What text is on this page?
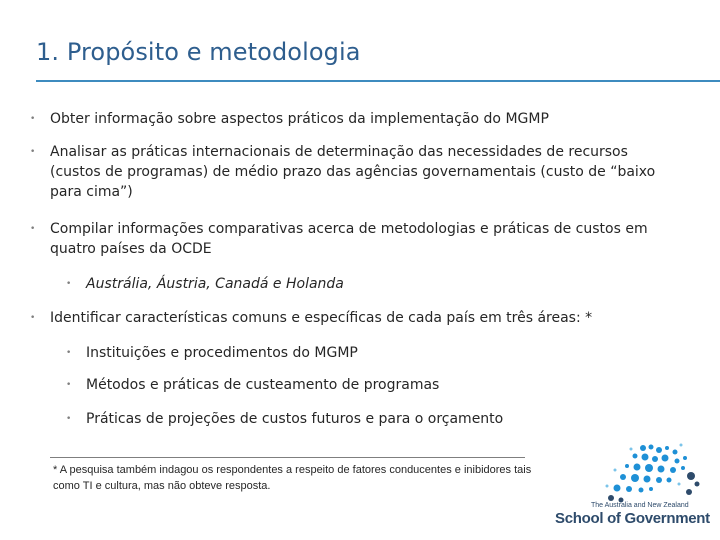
1. Propósito e metodologia
• Obter informação sobre aspectos práticos da implementação do MGMP
• Analisar as práticas internacionais de determinação das necessidades de recursos (custos de programas) de médio prazo das agências governamentais (custo de “baixo para cima”)
• Compilar informações comparativas acerca de metodologias e práticas de custos em quatro países da OCDE
• Austrália, Áustria, Canadá e Holanda
• Identificar características comuns e específicas de cada país em três áreas: *
• Instituições e procedimentos do MGMP
• Métodos e práticas de custeamento de programas
• Práticas de projeções de custos futuros e para o orçamento
* A pesquisa também indagou os respondentes a respeito de fatores conducentes e inibidores tais como TI e cultura, mas não obteve resposta.
The Australia and New Zealand
School of Government
